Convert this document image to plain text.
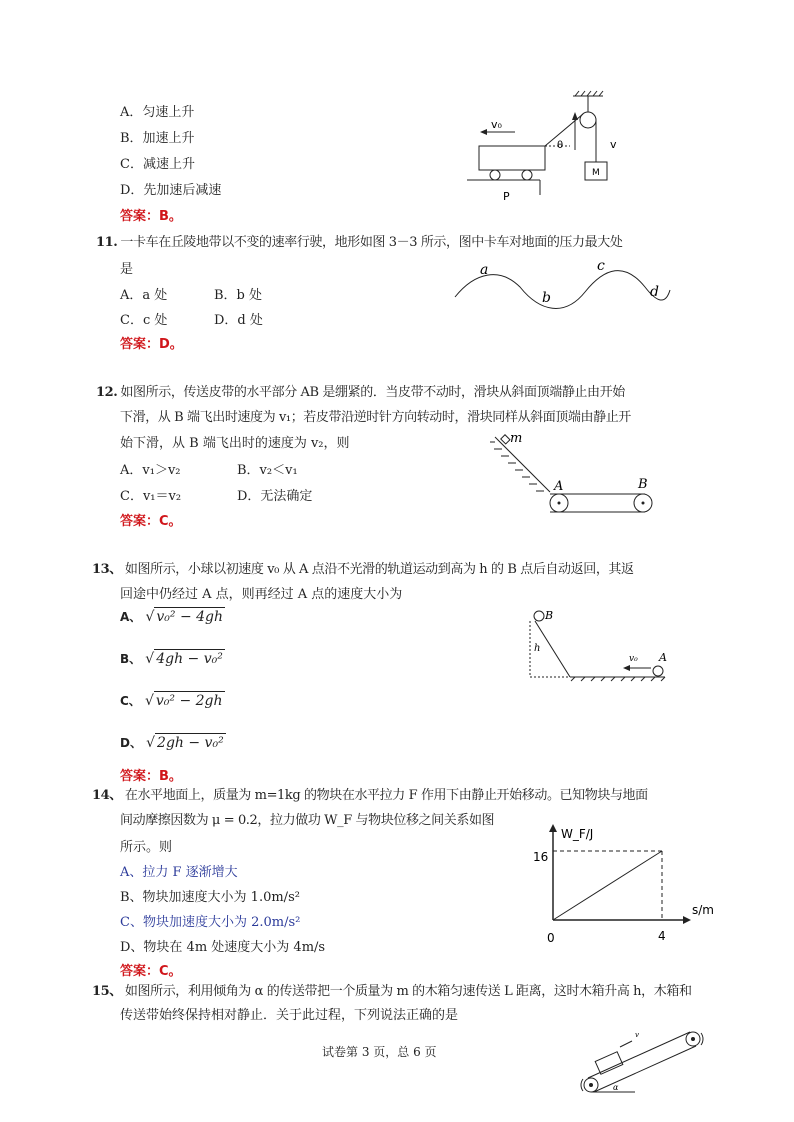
A．匀速上升
B．加速上升
C．减速上升
D．先加速后减速
答案：B。
v₀
θ	v
M
P
11. 一卡车在丘陵地带以不变的速率行驶，地形如图 3－3 所示，图中卡车对地面的压力最大处
是
A．a 处	B．b 处
C．c 处	D．d 处
答案：D。
a
b
c
d
12. 如图所示，传送皮带的水平部分 AB 是绷紧的．当皮带不动时，滑块从斜面顶端静止由开始
下滑，从 B 端飞出时速度为 v₁；若皮带沿逆时针方向转动时，滑块同样从斜面顶端由静止开
始下滑，从 B 端飞出时的速度为 v₂，则
A．v₁＞v₂	B．v₂＜v₁
C．v₁＝v₂	D．无法确定
答案：C。
m
A	B
13、 如图所示，小球以初速度 v₀ 从 A 点沿不光滑的轨道运动到高为 h 的 B 点后自动返回，其返
回途中仍经过 A 点，则再经过 A 点的速度大小为
A、 √ v₀² − 4gh
B、 √ 4gh − v₀²
C、 √ v₀² − 2gh
D、 √ 2gh − v₀²
答案：B。
B
h
v₀ A
14、 在水平地面上，质量为 m=1kg 的物块在水平拉力 F 作用下由静止开始移动。已知物块与地面
间动摩擦因数为 μ = 0.2，拉力做功 W_F 与物块位移之间关系如图
所示。则
A、拉力 F 逐渐增大
B、物块加速度大小为 1.0m/s²
C、物块加速度大小为 2.0m/s²
D、物块在 4m 处速度大小为 4m/s
答案：C。
W_F/J
s/m
16
4
0
15、 如图所示，利用倾角为 α 的传送带把一个质量为 m 的木箱匀速传送 L 距离，这时木箱升高 h，木箱和
传送带始终保持相对静止．关于此过程，下列说法正确的是
v
α
试卷第 3 页，总 6 页
